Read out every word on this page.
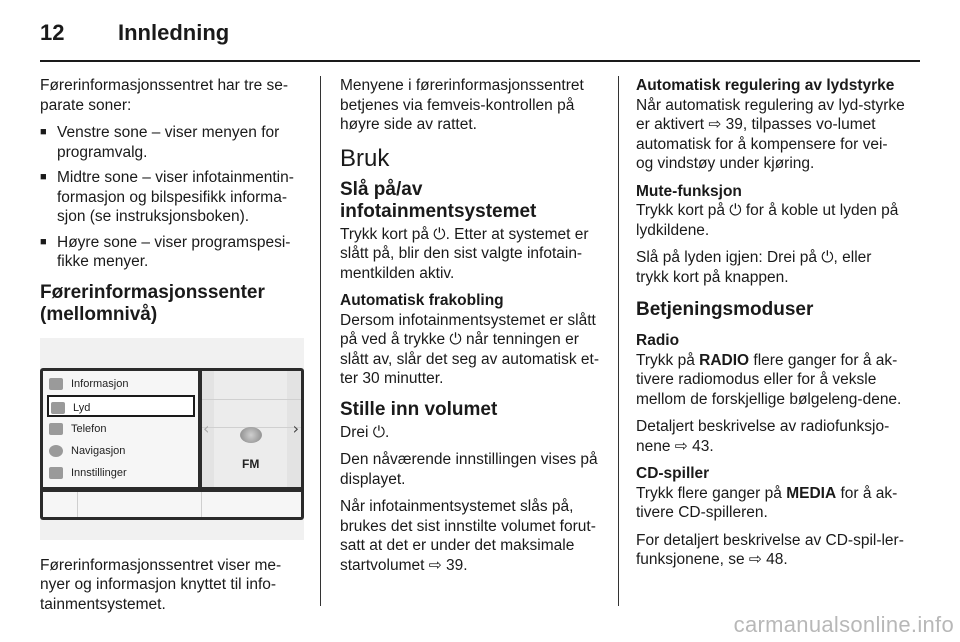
12 Innledning

Førerinformasjonssentret har tre se-parate soner:

■ Venstre sone – viser menyen for programvalg.
■ Midtre sone – viser infotainmentin-formasjon og bilspesifikk informa-sjon (se instruksjonsboken).
■ Høyre sone – viser programspesi-fikke menyer.
Førerinformasjonssenter (mellomnivå)
Informasjon
Lyd
Telefon
Navigasjon
Innstillinger
‹	›
FM

Førerinformasjonssentret viser me-nyer og informasjon knyttet til info-tainmentsystemet.

Menyene i førerinformasjonssentret betjenes via femveis-kontrollen på høyre side av rattet.

Bruk
Slå på/av infotainmentsystemet

Trykk kort på ⏻. Etter at systemet er slått på, blir den sist valgte infotain-mentkilden aktiv.

Automatisk frakobling

Dersom infotainmentsystemet er slått på ved å trykke ⏻ når tenningen er slått av, slår det seg av automatisk et-ter 30 minutter.

Stille inn volumet

Drei ⏻.

Den nåværende innstillingen vises på displayet.

Når infotainmentsystemet slås på, brukes det sist innstilte volumet forut-satt at det er under det maksimale startvolumet ⇨ 39.

Automatisk regulering av lydstyrke

Når automatisk regulering av lyd-styrke er aktivert ⇨ 39, tilpasses vo-lumet automatisk for å kompensere for vei- og vindstøy under kjøring.

Mute-funksjon

Trykk kort på ⏻ for å koble ut lyden på lydkildene.

Slå på lyden igjen: Drei på ⏻, eller trykk kort på knappen.

Betjeningsmoduser
Radio

Trykk på RADIO flere ganger for å ak-tivere radiomodus eller for å veksle mellom de forskjellige bølgeleng-dene.

Detaljert beskrivelse av radiofunksjo-nene ⇨ 43.

CD-spiller

Trykk flere ganger på MEDIA for å ak-tivere CD-spilleren.

For detaljert beskrivelse av CD-spil-ler-funksjonene, se ⇨ 48.

carmanualsonline.info
